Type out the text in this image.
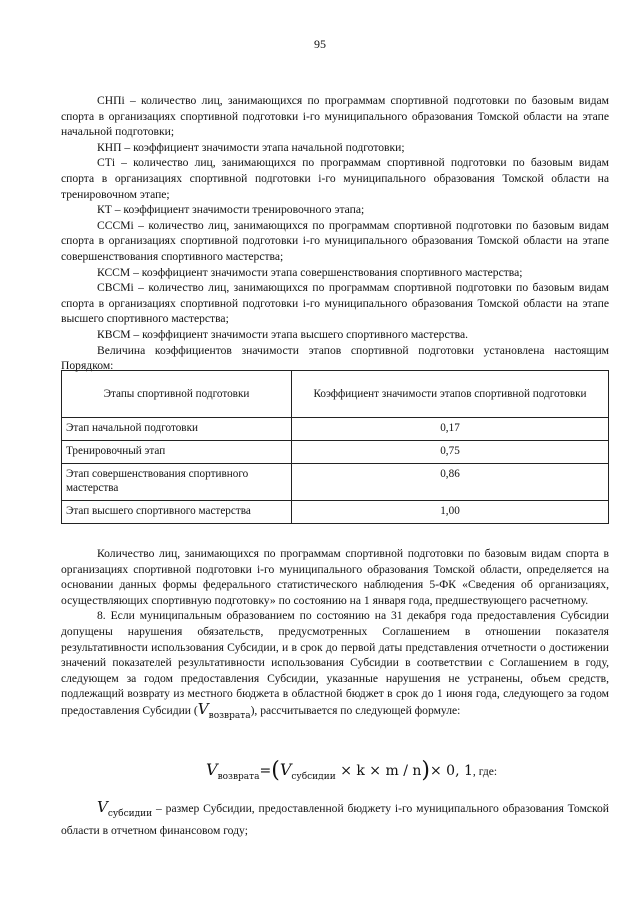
95

СНПi – количество лиц, занимающихся по программам спортивной подготовки по базовым видам спорта в организациях спортивной подготовки i-го муниципального образования Томской области на этапе начальной подготовки;

КНП – коэффициент значимости этапа начальной подготовки;

СТi – количество лиц, занимающихся по программам спортивной подготовки по базовым видам спорта в организациях спортивной подготовки i-го муниципального образования Томской области на тренировочном этапе;

КТ – коэффициент значимости тренировочного этапа;

СССМi – количество лиц, занимающихся по программам спортивной подготовки по базовым видам спорта в организациях спортивной подготовки i-го муниципального образования Томской области на этапе совершенствования спортивного мастерства;

КССМ – коэффициент значимости этапа совершенствования спортивного мастерства;

СВСМi – количество лиц, занимающихся по программам спортивной подготовки по базовым видам спорта в организациях спортивной подготовки i-го муниципального образования Томской области на этапе высшего спортивного мастерства;

КВСМ – коэффициент значимости этапа высшего спортивного мастерства.

Величина коэффициентов значимости этапов спортивной подготовки установлена настоящим Порядком:

Этапы спортивной подготовки	Коэффициент значимости этапов спортивной подготовки
Этап начальной подготовки	0,17
Тренировочный этап	0,75
Этап совершенствования спортивного мастерства	0,86
Этап высшего спортивного мастерства	1,00

Количество лиц, занимающихся по программам спортивной подготовки по базовым видам спорта в организациях спортивной подготовки i-го муниципального образования Томской области, определяется на основании данных формы федерального статистического наблюдения 5-ФК «Сведения об организациях, осуществляющих спортивную подготовку» по состоянию на 1 января года, предшествующего расчетному.

8. Если муниципальным образованием по состоянию на 31 декабря года предоставления Субсидии допущены нарушения обязательств, предусмотренных Соглашением в отношении показателя результативности использования Субсидии, и в срок до первой даты представления отчетности о достижении значений показателей результативности использования Субсидии в соответствии с Соглашением в году, следующем за годом предоставления Субсидии, указанные нарушения не устранены, объем средств, подлежащий возврату из местного бюджета в областной бюджет в срок до 1 июня года, следующего за годом предоставления Субсидии $(V_{возврата})$, рассчитывается по следующей формуле:

$V_{возврата}=(V_{субсидии} \times k \times m / n)\times 0$, 1, где:

$V_{субсидии}$ – размер Субсидии, предоставленной бюджету i-го муниципального образования Томской области в отчетном финансовом году;
